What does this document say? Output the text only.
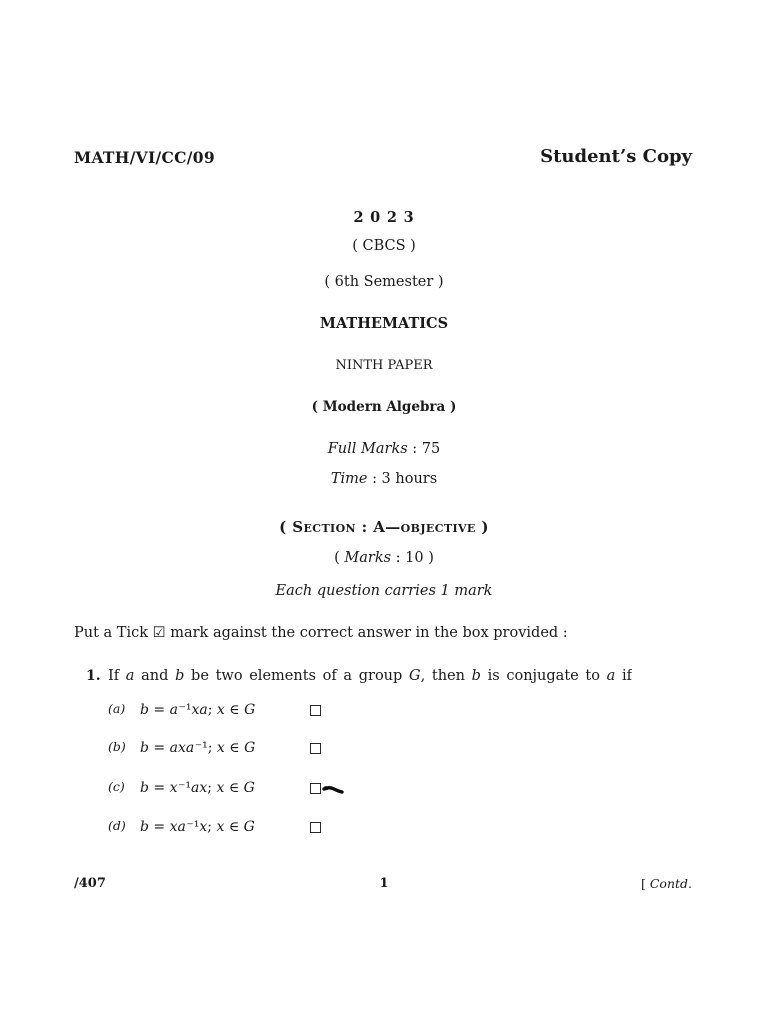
MATH/VI/CC/09	Student’s Copy
2 0 2 3
( CBCS )
( 6th Semester )
MATHEMATICS
NINTH PAPER
( Modern Algebra )
Full Marks : 75
Time : 3 hours
( Section : A—objective )
( Marks : 10 )
Each question carries 1 mark
Put a Tick ☑ mark against the correct answer in the box provided :
1. If a and b be two elements of a group G, then b is conjugate to a if
(a) b = a⁻¹xa; x ∈ G
(b) b = axa⁻¹; x ∈ G
(c) b = x⁻¹ax; x ∈ G
(d) b = xa⁻¹x; x ∈ G
/407	1	[ Contd.
